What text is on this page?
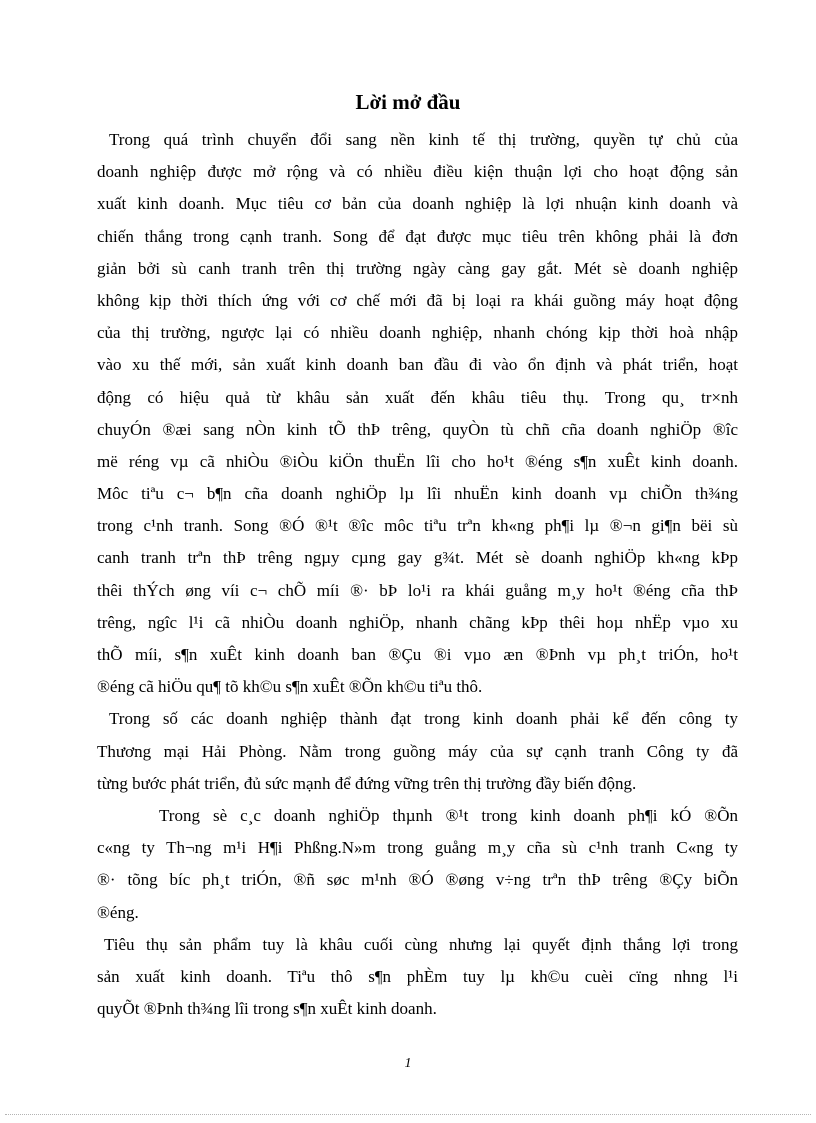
Lời mở đầu
Trong quá trình chuyển đổi sang nền kinh tế thị trường, quyền tự chủ của
doanh nghiệp được mở rộng và có nhiều điều kiện thuận lợi cho hoạt động sản
xuất kinh doanh. Mục tiêu cơ bản của doanh nghiệp là lợi nhuận kinh doanh và
chiến thắng trong cạnh tranh. Song để đạt được mục tiêu trên không phải là đơn
giản bởi sù canh tranh trên thị trường ngày càng gay gắt. Mét sè doanh nghiệp
không kịp thời thích ứng với cơ chế mới đã bị loại ra khái guồng máy hoạt động
của thị trường, ngược lại có nhiều doanh nghiệp, nhanh chóng kịp thời hoà nhập
vào xu thế mới, sản xuất kinh doanh ban đầu đi vào ổn định và phát triển, hoạt
động có hiệu quả từ khâu sản xuất đến khâu tiêu thụ. Trong qu¸ tr×nh
chuyÓn ®æi sang nÒn kinh tÕ thÞ trêng, quyÒn tù chñ cña doanh nghiÖp ®îc
më réng vµ cã nhiÒu ®iÒu kiÖn thuËn lîi cho ho¹t ®éng s¶n xuÊt kinh doanh.
Môc tiªu c¬ b¶n cña doanh nghiÖp lµ lîi nhuËn kinh doanh vµ chiÕn th¾ng
trong c¹nh tranh. Song ®Ó ®¹t ®îc môc tiªu trªn kh«ng ph¶i lµ ®¬n gi¶n bëi sù
canh tranh trªn thÞ trêng ngµy cµng gay g¾t. Mét sè doanh nghiÖp kh«ng kÞp
thêi thÝch øng víi c¬ chÕ míi ®· bÞ lo¹i ra khái guång m¸y ho¹t ®éng cña thÞ
trêng, ngîc l¹i cã nhiÒu doanh nghiÖp, nhanh chãng kÞp thêi hoµ nhËp vµo xu
thÕ míi, s¶n xuÊt kinh doanh ban ®Çu ®i vµo æn ®Þnh vµ ph¸t triÓn, ho¹t
®éng cã hiÖu qu¶ tõ kh©u s¶n xuÊt ®Õn kh©u tiªu thô.
Trong số các doanh nghiệp thành đạt trong kinh doanh phải kể đến công ty
Thương mại Hải Phòng. Nằm trong guồng máy của sự cạnh tranh Công ty đã
từng bước phát triển, đủ sức mạnh để đứng vững trên thị trường đầy biến động.
Trong sè c¸c doanh nghiÖp thµnh ®¹t trong kinh doanh ph¶i kÓ ®Õn
c«ng ty Th¬ng m¹i H¶i Phßng.N»m trong guång m¸y cña sù c¹nh tranh C«ng ty
®· tõng bíc ph¸t triÓn, ®ñ søc m¹nh ®Ó ®øng v÷ng trªn thÞ trêng ®Çy biÕn
®éng.
Tiêu thụ sản phẩm tuy là khâu cuối cùng nhưng lại quyết định thắng lợi trong
sản xuất kinh doanh. Tiªu thô s¶n phÈm tuy lµ kh©u cuèi cïng nhng l¹i
quyÕt ®Þnh th¾ng lîi trong s¶n xuÊt kinh doanh.
1
